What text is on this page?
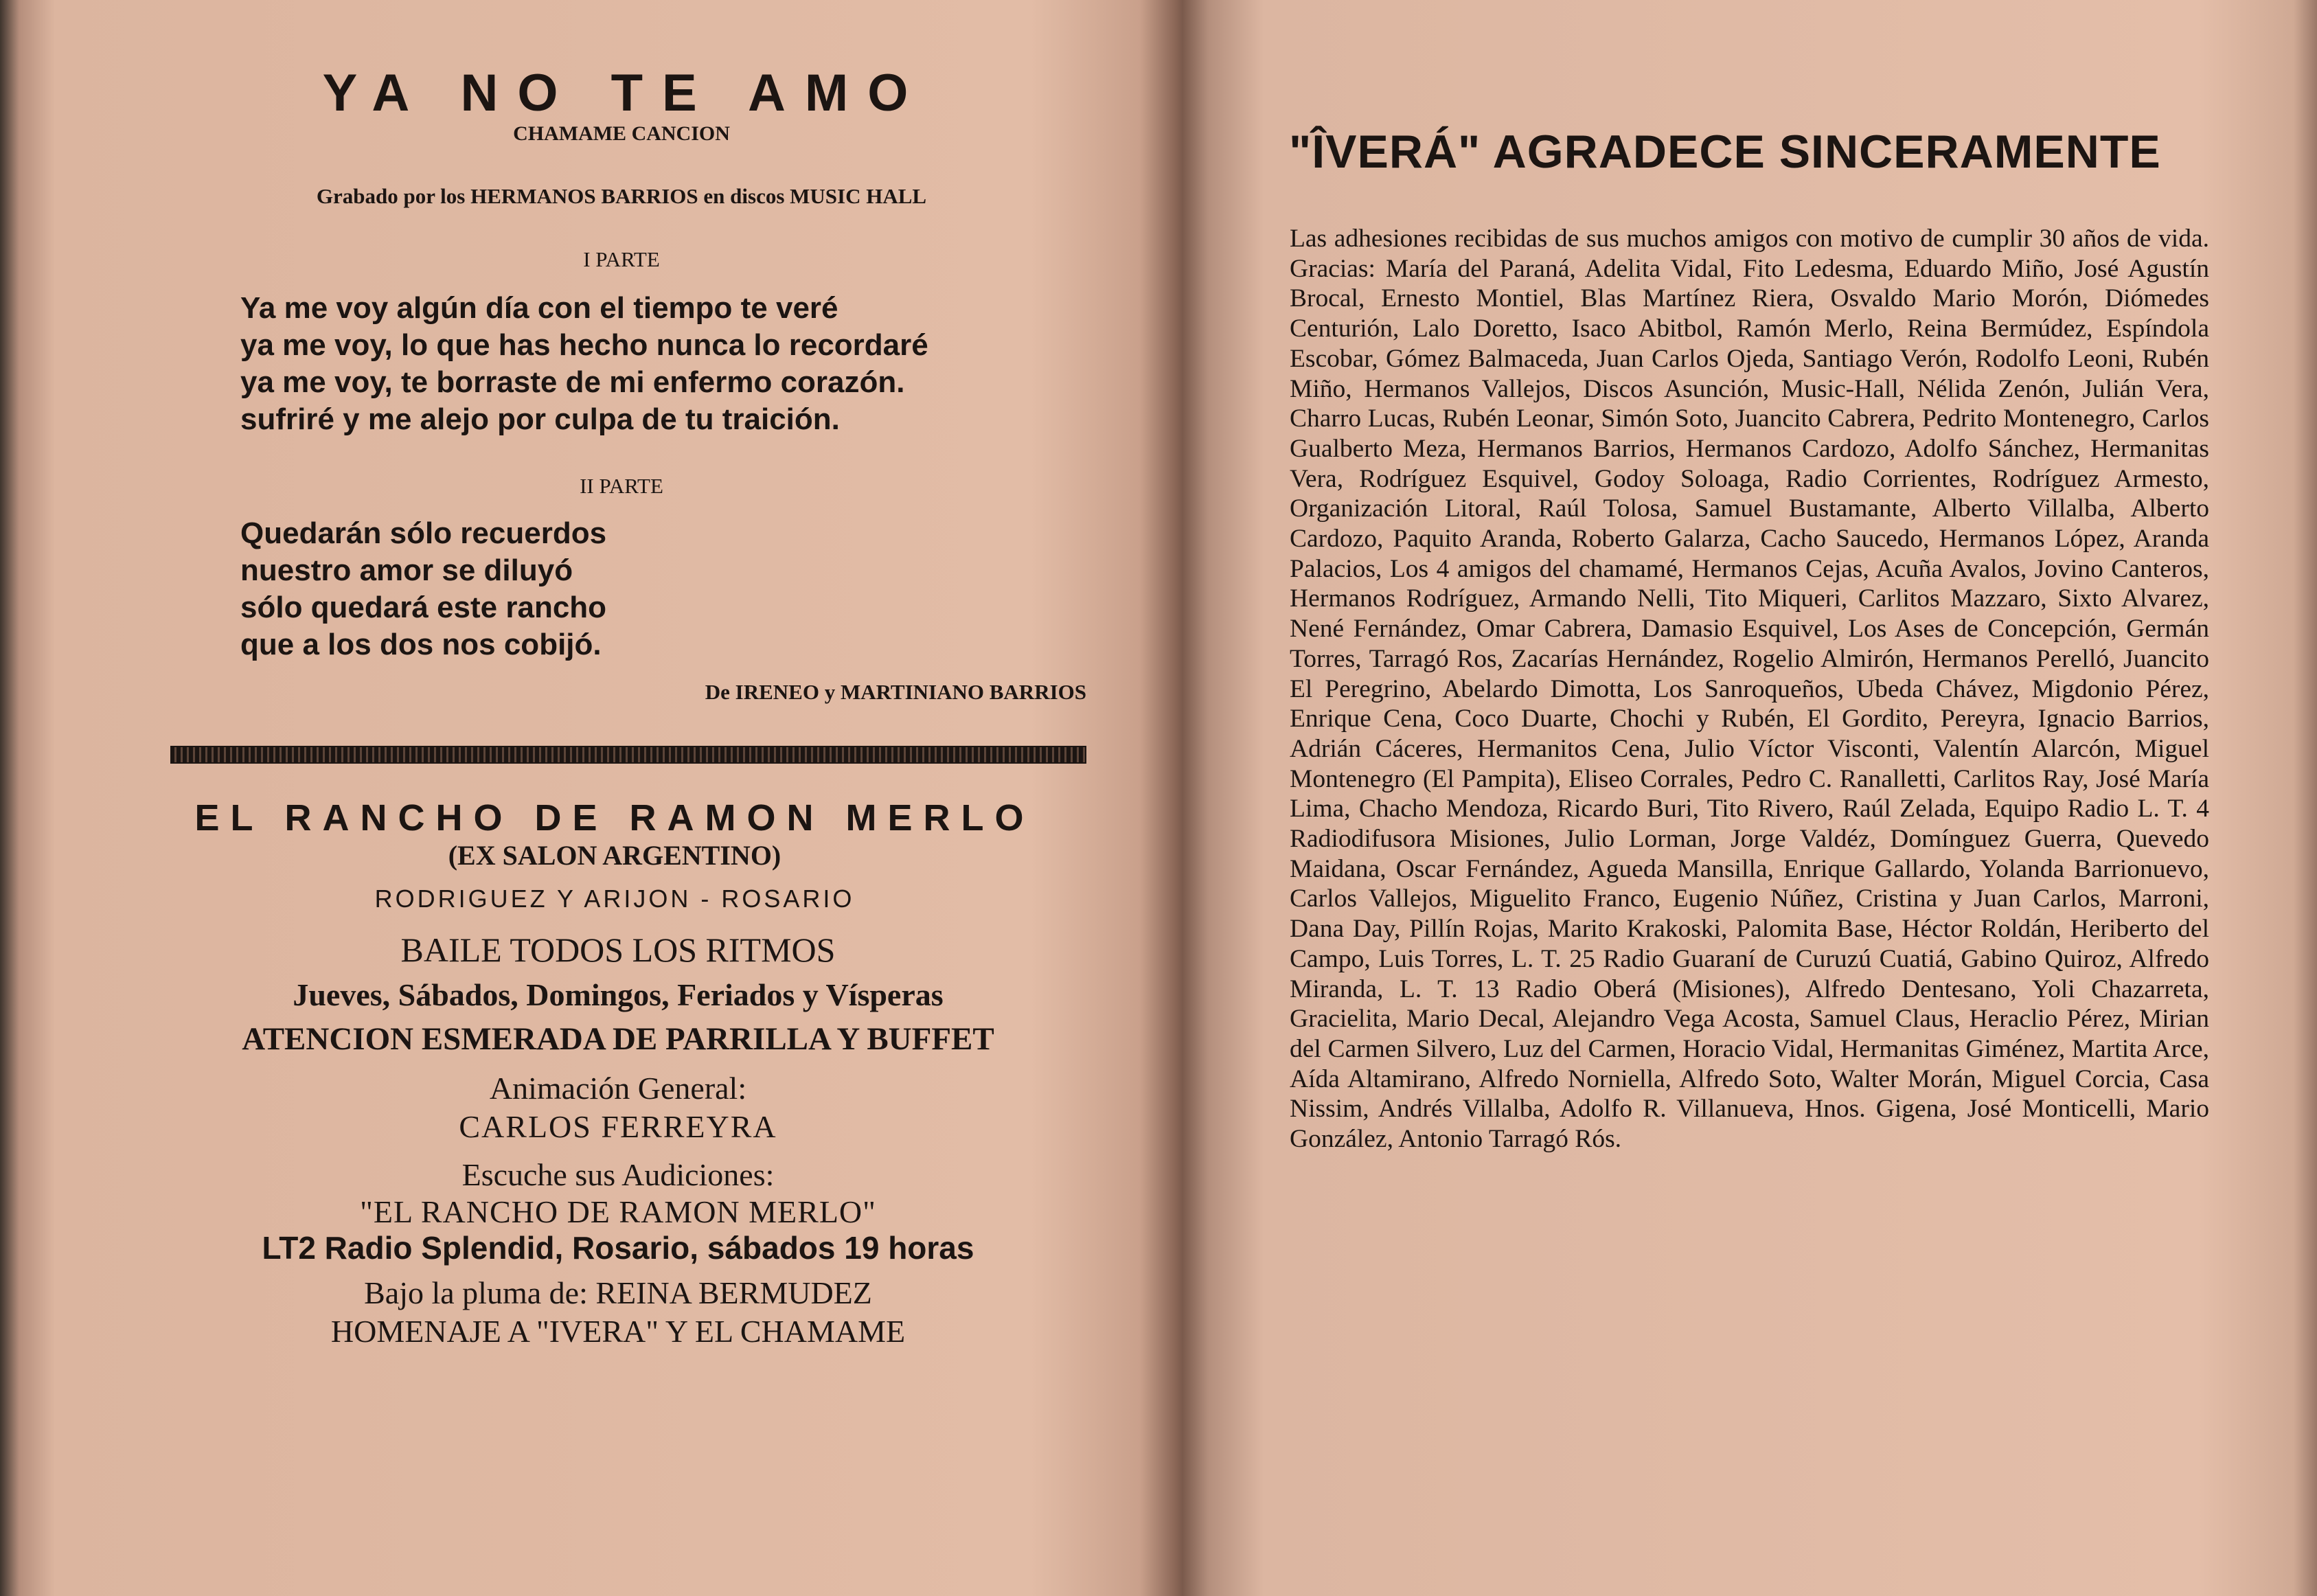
YA NO TE AMO
CHAMAME CANCION
Grabado por los HERMANOS BARRIOS en discos MUSIC HALL
I PARTE
Ya me voy algún día con el tiempo te veré
ya me voy, lo que has hecho nunca lo recordaré
ya me voy, te borraste de mi enfermo corazón.
sufriré y me alejo por culpa de tu traición.
II PARTE
Quedarán sólo recuerdos
nuestro amor se diluyó
sólo quedará este rancho
que a los dos nos cobijó.
De IRENEO y MARTINIANO BARRIOS
EL RANCHO DE RAMON MERLO
(EX SALON ARGENTINO)
RODRIGUEZ Y ARIJON - ROSARIO
BAILE TODOS LOS RITMOS
Jueves, Sábados, Domingos, Feriados y Vísperas
ATENCION ESMERADA DE PARRILLA Y BUFFET
Animación General:
CARLOS FERREYRA
Escuche sus Audiciones:
"EL RANCHO DE RAMON MERLO"
LT2 Radio Splendid, Rosario, sábados 19 horas
Bajo la pluma de: REINA BERMUDEZ
HOMENAJE A "IVERA" Y EL CHAMAME
"ÎVERÁ" AGRADECE SINCERAMENTE
Las adhesiones recibidas de sus muchos amigos con motivo de cumplir 30 años de vida. Gracias: María del Paraná, Adelita Vidal, Fito Ledesma, Eduardo Miño, José Agustín Brocal, Ernesto Montiel, Blas Martínez Riera, Osvaldo Mario Morón, Diómedes Centurión, Lalo Doretto, Isaco Abitbol, Ramón Merlo, Reina Bermúdez, Espíndola Escobar, Gómez Balmaceda, Juan Carlos Ojeda, Santiago Verón, Rodolfo Leoni, Rubén Miño, Hermanos Vallejos, Discos Asunción, Music-Hall, Nélida Zenón, Julián Vera, Charro Lucas, Rubén Leonar, Simón Soto, Juancito Cabrera, Pedrito Montenegro, Carlos Gualberto Meza, Hermanos Barrios, Hermanos Cardozo, Adolfo Sánchez, Hermanitas Vera, Rodríguez Esquivel, Godoy Soloaga, Radio Corrientes, Rodríguez Armesto, Organización Litoral, Raúl Tolosa, Samuel Bustamante, Alberto Villalba, Alberto Cardozo, Paquito Aranda, Roberto Galarza, Cacho Saucedo, Hermanos López, Aranda Palacios, Los 4 amigos del chamamé, Hermanos Cejas, Acuña Avalos, Jovino Canteros, Hermanos Rodríguez, Armando Nelli, Tito Miqueri, Carlitos Mazzaro, Sixto Alvarez, Nené Fernández, Omar Cabrera, Damasio Esquivel, Los Ases de Concepción, Germán Torres, Tarragó Ros, Zacarías Hernández, Rogelio Almirón, Hermanos Perelló, Juancito El Peregrino, Abelardo Dimotta, Los Sanroqueños, Ubeda Chávez, Migdonio Pérez, Enrique Cena, Coco Duarte, Chochi y Rubén, El Gordito, Pereyra, Ignacio Barrios, Adrián Cáceres, Hermanitos Cena, Julio Víctor Visconti, Valentín Alarcón, Miguel Montenegro (El Pampita), Eliseo Corrales, Pedro C. Ranalletti, Carlitos Ray, José María Lima, Chacho Mendoza, Ricardo Buri, Tito Rivero, Raúl Zelada, Equipo Radio L. T. 4 Radiodifusora Misiones, Julio Lorman, Jorge Valdéz, Domínguez Guerra, Quevedo Maidana, Oscar Fernández, Agueda Mansilla, Enrique Gallardo, Yolanda Barrionuevo, Carlos Vallejos, Miguelito Franco, Eugenio Núñez, Cristina y Juan Carlos, Marroni, Dana Day, Pillín Rojas, Marito Krakoski, Palomita Base, Héctor Roldán, Heriberto del Campo, Luis Torres, L. T. 25 Radio Guaraní de Curuzú Cuatiá, Gabino Quiroz, Alfredo Miranda, L. T. 13 Radio Oberá (Misiones), Alfredo Dentesano, Yoli Chazarreta, Gracielita, Mario Decal, Alejandro Vega Acosta, Samuel Claus, Heraclio Pérez, Mirian del Carmen Silvero, Luz del Carmen, Horacio Vidal, Hermanitas Giménez, Martita Arce, Aída Altamirano, Alfredo Norniella, Alfredo Soto, Walter Morán, Miguel Corcia, Casa Nissim, Andrés Villalba, Adolfo R. Villanueva, Hnos. Gigena, José Monticelli, Mario González, Antonio Tarragó Rós.
